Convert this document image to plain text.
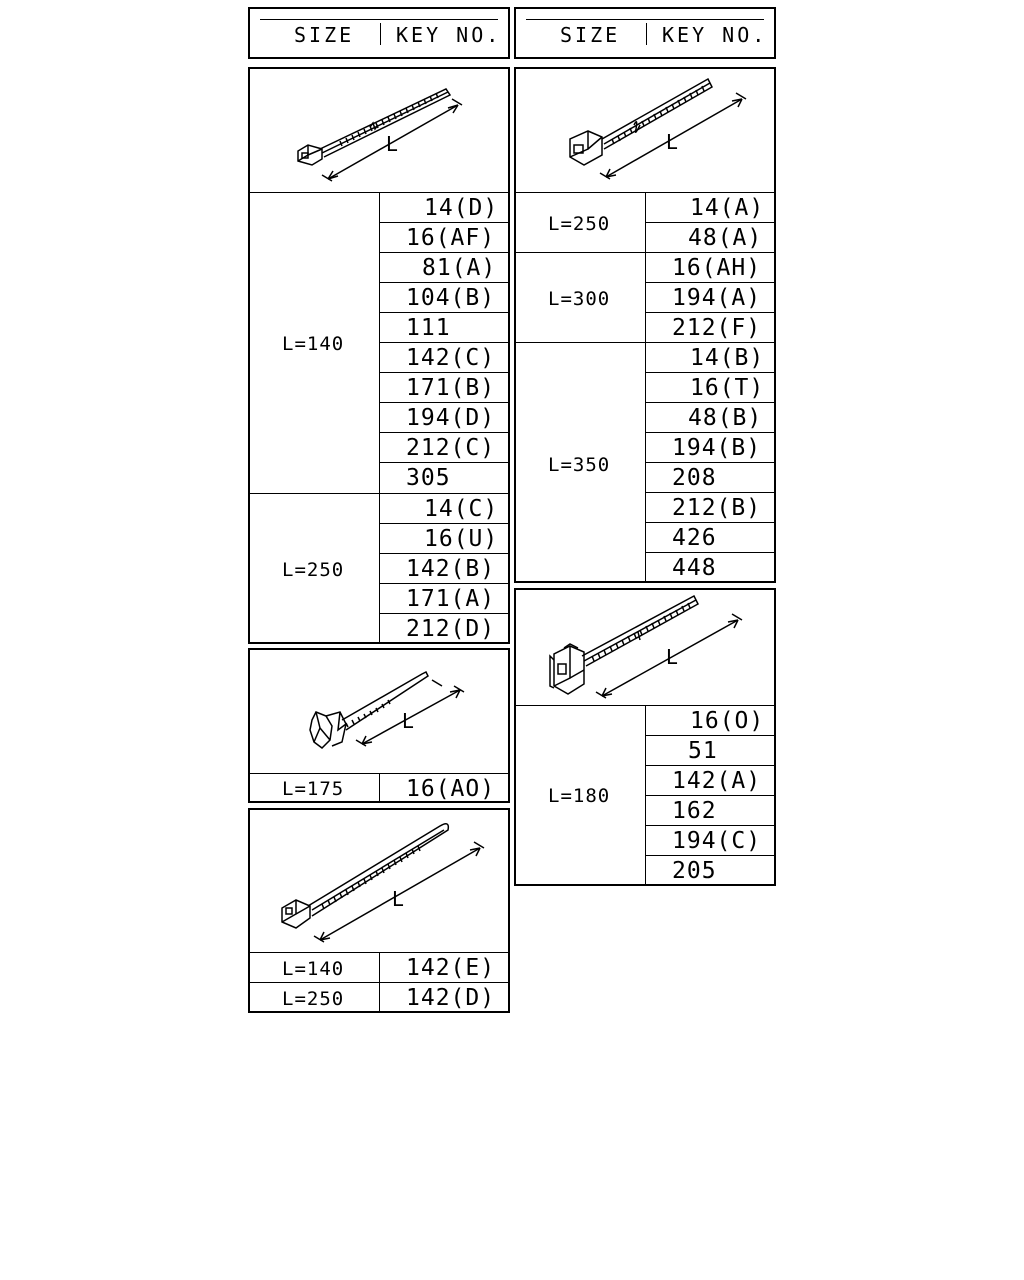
SIZE KEY NO.	SIZE KEY NO.
L
L=140
14(D)
16(AF)
81(A)
104(B)
111
142(C)
171(B)
194(D)
212(C)
305
L=250
14(C)
16(U)
142(B)
171(A)
212(D)
L
L=175	16(AO)
L
L=140	142(E)
L=250	142(D)
L
L=250
14(A)
48(A)
L=300
16(AH)
194(A)
212(F)
L=350
14(B)
16(T)
48(B)
194(B)
208
212(B)
426
448
L
L=180
16(O)
51
142(A)
162
194(C)
205
